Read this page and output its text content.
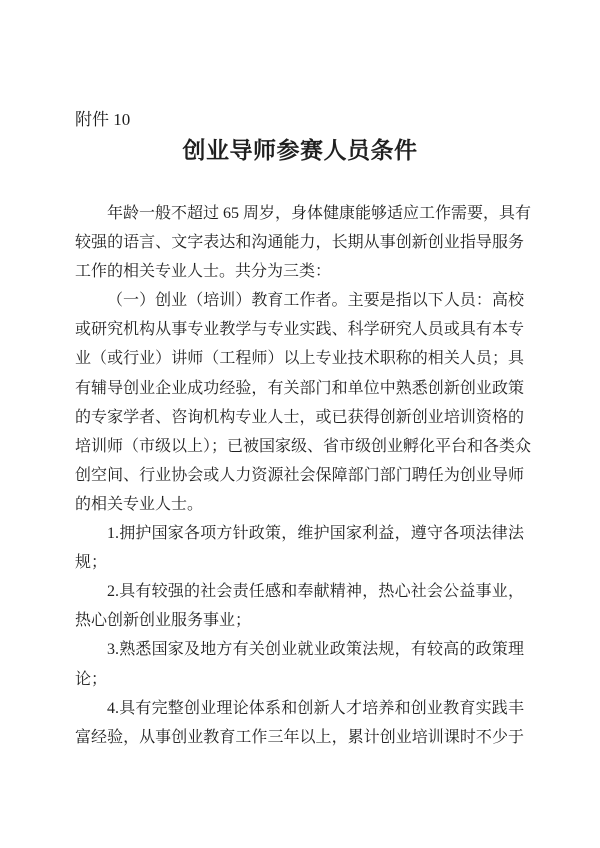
附件 10
创业导师参赛人员条件
年龄一般不超过 65 周岁，身体健康能够适应工作需要，具有
较强的语言、文字表达和沟通能力，长期从事创新创业指导服务
工作的相关专业人士。共分为三类：
（一）创业（培训）教育工作者。主要是指以下人员：高校
或研究机构从事专业教学与专业实践、科学研究人员或具有本专
业（或行业）讲师（工程师）以上专业技术职称的相关人员；具
有辅导创业企业成功经验，有关部门和单位中熟悉创新创业政策
的专家学者、咨询机构专业人士，或已获得创新创业培训资格的
培训师（市级以上）；已被国家级、省市级创业孵化平台和各类众
创空间、行业协会或人力资源社会保障部门部门聘任为创业导师
的相关专业人士。
1.拥护国家各项方针政策，维护国家利益，遵守各项法律法
规；
2.具有较强的社会责任感和奉献精神，热心社会公益事业，
热心创新创业服务事业；
3.熟悉国家及地方有关创业就业政策法规，有较高的政策理
论；
4.具有完整创业理论体系和创新人才培养和创业教育实践丰
富经验，从事创业教育工作三年以上，累计创业培训课时不少于
